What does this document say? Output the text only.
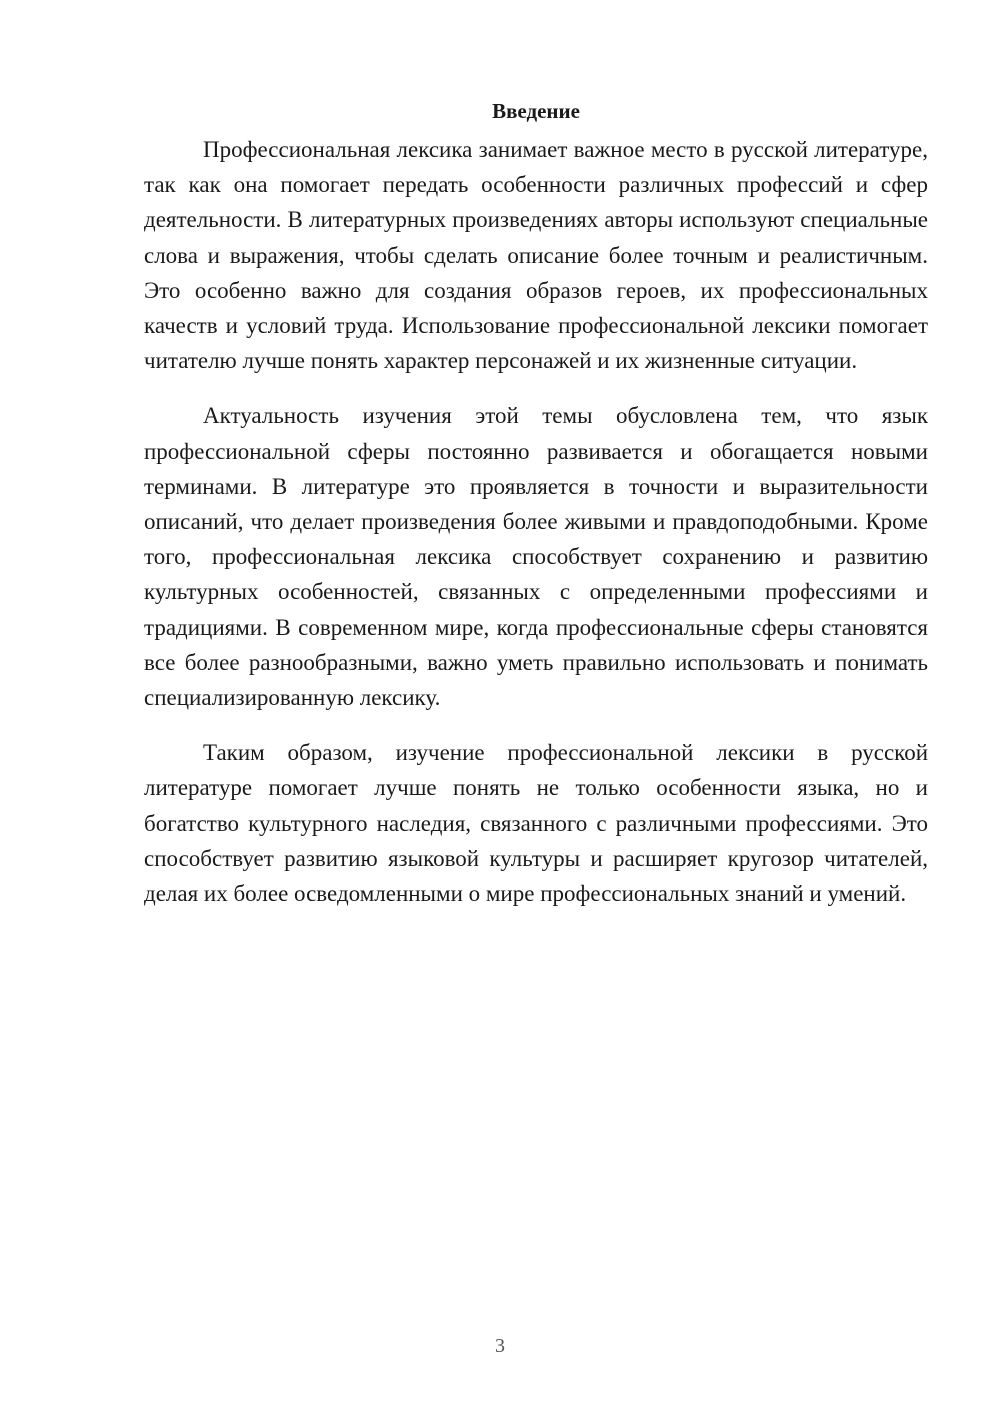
Введение

Профессиональная лексика занимает важное место в русской литературе, так как она помогает передать особенности различных профессий и сфер деятельности. В литературных произведениях авторы используют специальные слова и выражения, чтобы сделать описание более точным и реалистичным. Это особенно важно для создания образов героев, их профессиональных качеств и условий труда. Использование профессиональной лексики помогает читателю лучше понять характер персонажей и их жизненные ситуации.

Актуальность изучения этой темы обусловлена тем, что язык профессиональной сферы постоянно развивается и обогащается новыми терминами. В литературе это проявляется в точности и выразительности описаний, что делает произведения более живыми и правдоподобными. Кроме того, профессиональная лексика способствует сохранению и развитию культурных особенностей, связанных с определенными профессиями и традициями. В современном мире, когда профессиональные сферы становятся все более разнообразными, важно уметь правильно использовать и понимать специализированную лексику.

Таким образом, изучение профессиональной лексики в русской литературе помогает лучше понять не только особенности языка, но и богатство культурного наследия, связанного с различными профессиями. Это способствует развитию языковой культуры и расширяет кругозор читателей, делая их более осведомленными о мире профессиональных знаний и умений.

3
